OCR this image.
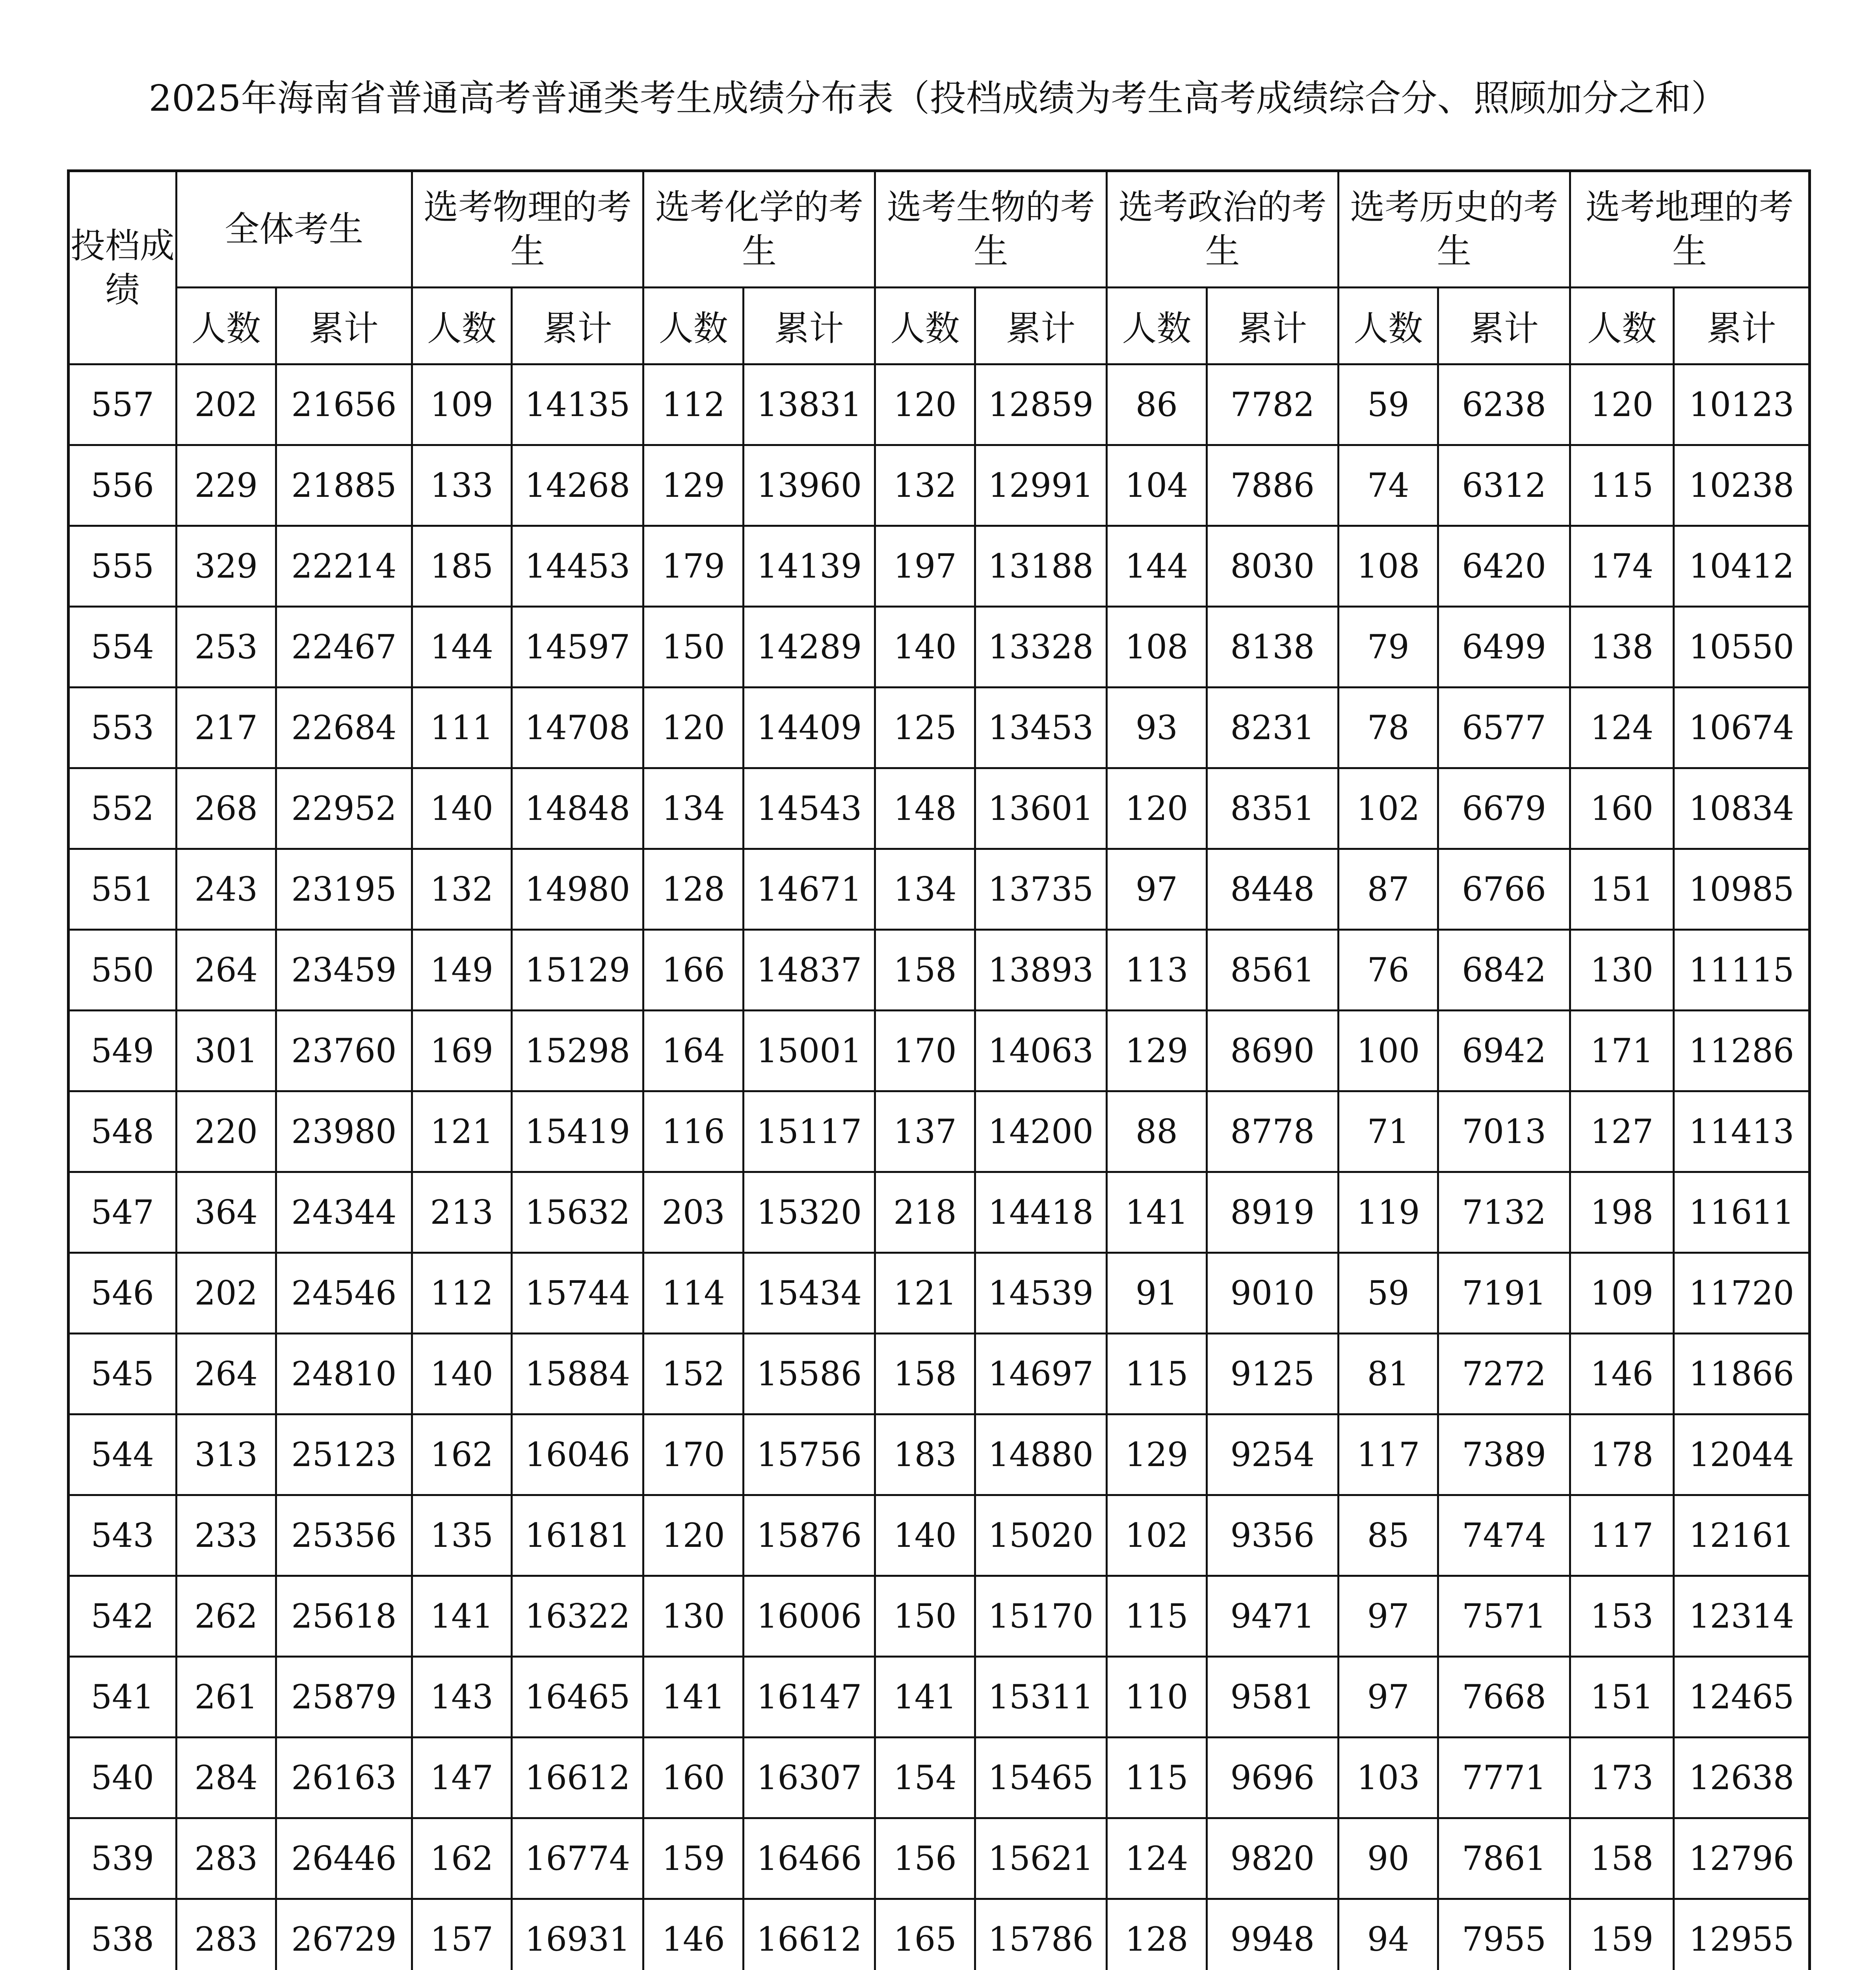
2025年海南省普通高考普通类考生成绩分布表（投档成绩为考生高考成绩综合分、照顾加分之和）
投档成绩	全体考生		选考物理的考生		选考化学的考生		选考生物的考生		选考政治的考生		选考历史的考生		选考地理的考生	
	人数	累计	人数	累计	人数	累计	人数	累计	人数	累计	人数	累计	人数	累计
557	202	21656	109	14135	112	13831	120	12859	86	7782	59	6238	120	10123
556	229	21885	133	14268	129	13960	132	12991	104	7886	74	6312	115	10238
555	329	22214	185	14453	179	14139	197	13188	144	8030	108	6420	174	10412
554	253	22467	144	14597	150	14289	140	13328	108	8138	79	6499	138	10550
553	217	22684	111	14708	120	14409	125	13453	93	8231	78	6577	124	10674
552	268	22952	140	14848	134	14543	148	13601	120	8351	102	6679	160	10834
551	243	23195	132	14980	128	14671	134	13735	97	8448	87	6766	151	10985
550	264	23459	149	15129	166	14837	158	13893	113	8561	76	6842	130	11115
549	301	23760	169	15298	164	15001	170	14063	129	8690	100	6942	171	11286
548	220	23980	121	15419	116	15117	137	14200	88	8778	71	7013	127	11413
547	364	24344	213	15632	203	15320	218	14418	141	8919	119	7132	198	11611
546	202	24546	112	15744	114	15434	121	14539	91	9010	59	7191	109	11720
545	264	24810	140	15884	152	15586	158	14697	115	9125	81	7272	146	11866
544	313	25123	162	16046	170	15756	183	14880	129	9254	117	7389	178	12044
543	233	25356	135	16181	120	15876	140	15020	102	9356	85	7474	117	12161
542	262	25618	141	16322	130	16006	150	15170	115	9471	97	7571	153	12314
541	261	25879	143	16465	141	16147	141	15311	110	9581	97	7668	151	12465
540	284	26163	147	16612	160	16307	154	15465	115	9696	103	7771	173	12638
539	283	26446	162	16774	159	16466	156	15621	124	9820	90	7861	158	12796
538	283	26729	157	16931	146	16612	165	15786	128	9948	94	7955	159	12955
